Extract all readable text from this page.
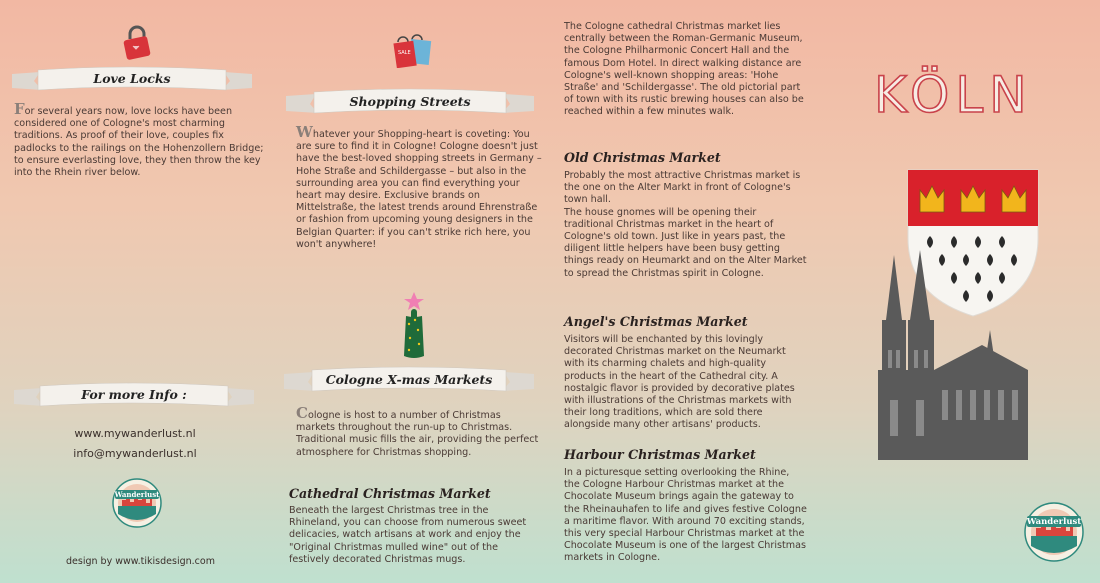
Love Locks
For several years now, love locks have been considered one of Cologne's most charming traditions. As proof of their love, couples fix padlocks to the railings on the Hohenzollern Bridge; to ensure everlasting love, they then throw the key into the Rhein river below.
For more Info :
www.mywanderlust.nl
info@mywanderlust.nl
Wanderlust
design by www.tikisdesign.com
SALE
Shopping Streets
Whatever your Shopping-heart is coveting: You are sure to find it in Cologne! Cologne doesn't just have the best-loved shopping streets in Germany – Hohe Straße and Schildergasse – but also in the surrounding area you can find everything your heart may desire. Exclusive brands on Mittelstraße, the latest trends around Ehrenstraße or fashion from upcoming young designers in the Belgian Quarter: if you can't strike rich here, you won't anywhere!
Cologne X-mas Markets
Cologne is host to a number of Christmas markets throughout the run-up to Christmas. Traditional music fills the air, providing the perfect atmosphere for Christmas shopping.
Cathedral Christmas Market
Beneath the largest Christmas tree in the Rhineland, you can choose from numerous sweet delicacies, watch artisans at work and enjoy the "Original Christmas mulled wine" out of the festively decorated Christmas mugs.
The Cologne cathedral Christmas market lies centrally between the Roman-Germanic Museum, the Cologne Philharmonic Concert Hall and the famous Dom Hotel. In direct walking distance are Cologne's well-known shopping areas: 'Hohe Straße' and 'Schildergasse'. The old pictorial part of town with its rustic brewing houses can also be reached within a few minutes walk.
Old Christmas Market
Probably the most attractive Christmas market is the one on the Alter Markt in front of Cologne's town hall.
The house gnomes will be opening their traditional Christmas market in the heart of Cologne's old town. Just like in years past, the diligent little helpers have been busy getting things ready on Heumarkt and on the Alter Market to spread the Christmas spirit in Cologne.
Angel's Christmas Market
Visitors will be enchanted by this lovingly decorated Christmas market on the Neumarkt with its charming chalets and high-quality products in the heart of the Cathedral city. A nostalgic flavor is provided by decorative plates with illustrations of the Christmas markets with their long traditions, which are sold there alongside many other artisans' products.
Harbour Christmas Market
In a picturesque setting overlooking the Rhine, the Cologne Harbour Christmas market at the Chocolate Museum brings again the gateway to the Rheinauhafen to life and gives festive Cologne a maritime flavor. With around 70 exciting stands, this very special Harbour Christmas market at the Chocolate Museum is one of the largest Christmas markets in Cologne.
KÖLN
Wanderlust
